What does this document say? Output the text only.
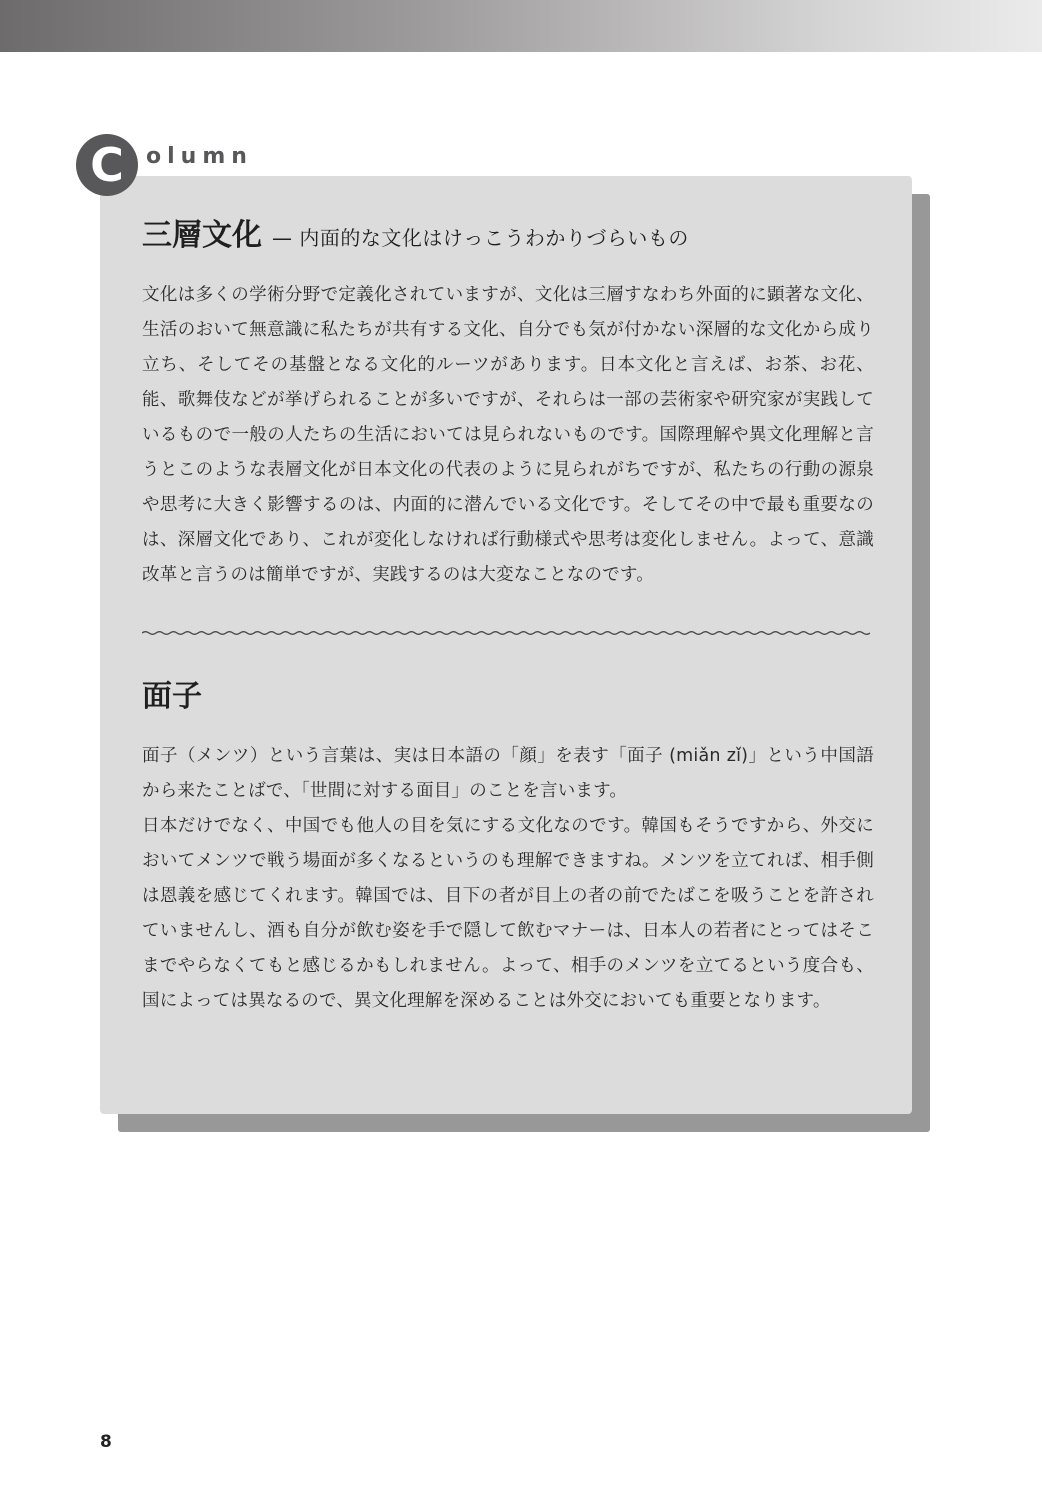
C	olumn
三層文化 — 内面的な文化はけっこうわかりづらいもの

文化は多くの学術分野で定義化されていますが、文化は三層すなわち外面的に顕著な文化、生活のおいて無意識に私たちが共有する文化、自分でも気が付かない深層的な文化から成り立ち、そしてその基盤となる文化的ルーツがあります。日本文化と言えば、お茶、お花、能、歌舞伎などが挙げられることが多いですが、それらは一部の芸術家や研究家が実践しているもので一般の人たちの生活においては見られないものです。国際理解や異文化理解と言うとこのような表層文化が日本文化の代表のように見られがちですが、私たちの行動の源泉や思考に大きく影響するのは、内面的に潜んでいる文化です。そしてその中で最も重要なのは、深層文化であり、これが変化しなければ行動様式や思考は変化しません。よって、意識改革と言うのは簡単ですが、実践するのは大変なことなのです。

面子

面子（メンツ）という言葉は、実は日本語の「顔」を表す「面子 (miǎn zǐ)」という中国語から来たことばで、「世間に対する面目」のことを言います。

日本だけでなく、中国でも他人の目を気にする文化なのです。韓国もそうですから、外交においてメンツで戦う場面が多くなるというのも理解できますね。メンツを立てれば、相手側は恩義を感じてくれます。韓国では、目下の者が目上の者の前でたばこを吸うことを許されていませんし、酒も自分が飲む姿を手で隠して飲むマナーは、日本人の若者にとってはそこまでやらなくてもと感じるかもしれません。よって、相手のメンツを立てるという度合も、国によっては異なるので、異文化理解を深めることは外交においても重要となります。

8
